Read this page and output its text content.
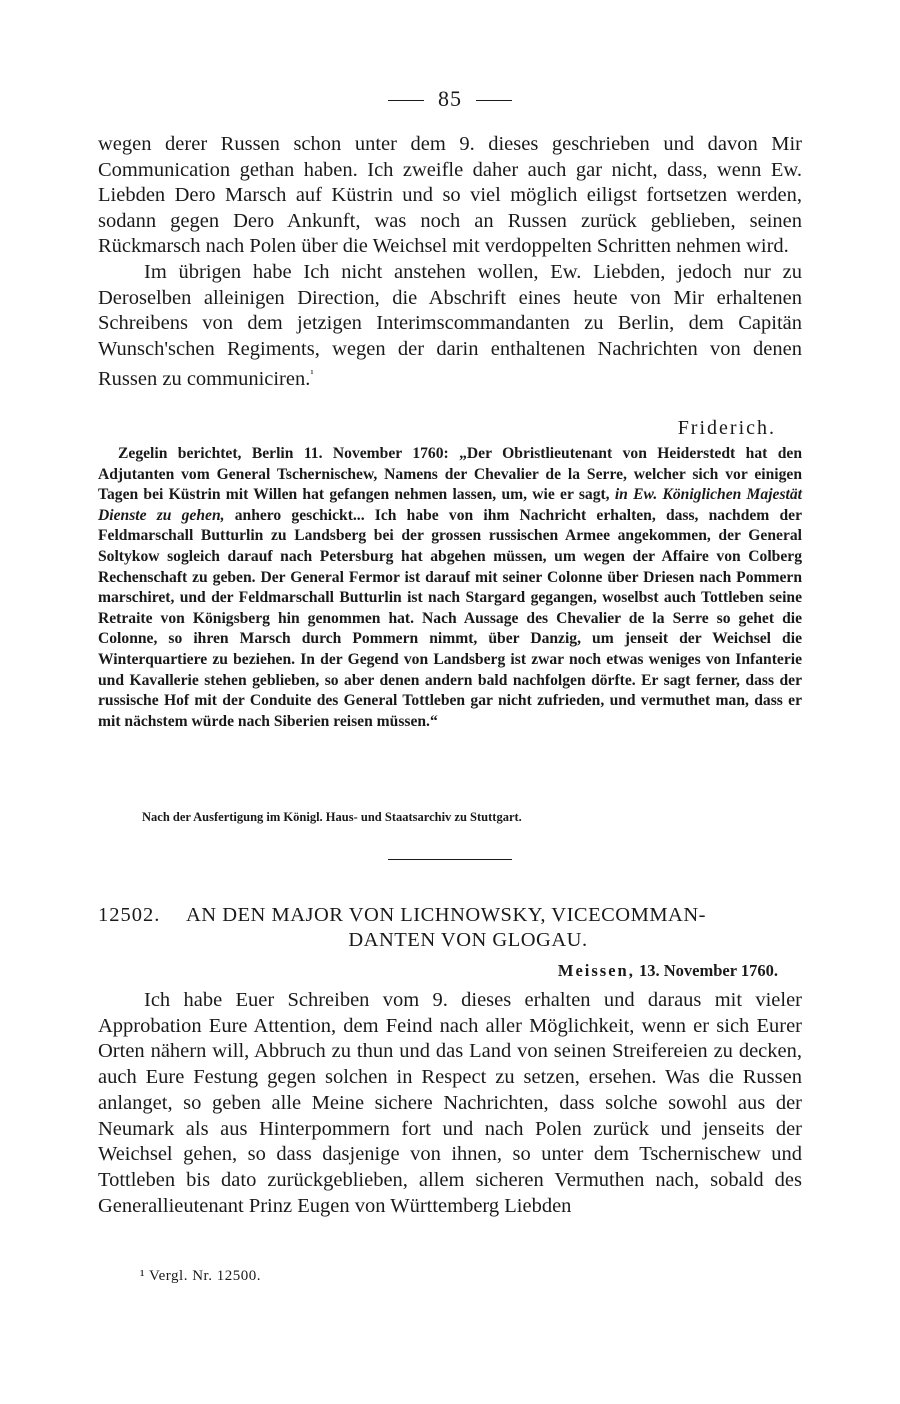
85

wegen derer Russen schon unter dem 9. dieses geschrieben und davon Mir Communication gethan haben. Ich zweifle daher auch gar nicht, dass, wenn Ew. Liebden Dero Marsch auf Küstrin und so viel möglich eiligst fortsetzen werden, sodann gegen Dero Ankunft, was noch an Russen zurück geblieben, seinen Rückmarsch nach Polen über die Weichsel mit verdoppelten Schritten nehmen wird.

Im übrigen habe Ich nicht anstehen wollen, Ew. Liebden, jedoch nur zu Deroselben alleinigen Direction, die Abschrift eines heute von Mir erhaltenen Schreibens von dem jetzigen Interimscommandanten zu Berlin, dem Capitän Wunsch'schen Regiments, wegen der darin enthaltenen Nachrichten von denen Russen zu communiciren.$^{^1}$

Friderich.

Zegelin berichtet, Berlin 11. November 1760: „Der Obristlieutenant von Heiderstedt hat den Adjutanten vom General Tschernischew, Namens der Chevalier de la Serre, welcher sich vor einigen Tagen bei Küstrin mit Willen hat gefangen nehmen lassen, um, wie er sagt, in Ew. Königlichen Majestät Dienste zu gehen, anhero geschickt... Ich habe von ihm Nachricht erhalten, dass, nachdem der Feldmarschall Butturlin zu Landsberg bei der grossen russischen Armee angekommen, der General Soltykow sogleich darauf nach Petersburg hat abgehen müssen, um wegen der Affaire von Colberg Rechenschaft zu geben. Der General Fermor ist darauf mit seiner Colonne über Driesen nach Pommern marschiret, und der Feldmarschall Butturlin ist nach Stargard gegangen, woselbst auch Tottleben seine Retraite von Königsberg hin genommen hat. Nach Aussage des Chevalier de la Serre so gehet die Colonne, so ihren Marsch durch Pommern nimmt, über Danzig, um jenseit der Weichsel die Winterquartiere zu beziehen. In der Gegend von Landsberg ist zwar noch etwas weniges von Infanterie und Kavallerie stehen geblieben, so aber denen andern bald nachfolgen dörfte. Er sagt ferner, dass der russische Hof mit der Conduite des General Tottleben gar nicht zufrieden, und vermuthet man, dass er mit nächstem würde nach Siberien reisen müssen.“

Nach der Ausfertigung im Königl. Haus- und Staatsarchiv zu Stuttgart.
12502. AN DEN MAJOR VON LICHNOWSKY, VICECOMMAN-
DANTEN VON GLOGAU.
Meissen, 13. November 1760.

Ich habe Euer Schreiben vom 9. dieses erhalten und daraus mit vieler Approbation Eure Attention, dem Feind nach aller Möglichkeit, wenn er sich Eurer Orten nähern will, Abbruch zu thun und das Land von seinen Streifereien zu decken, auch Eure Festung gegen solchen in Respect zu setzen, ersehen. Was die Russen anlanget, so geben alle Meine sichere Nachrichten, dass solche sowohl aus der Neumark als aus Hinterpommern fort und nach Polen zurück und jenseits der Weichsel gehen, so dass dasjenige von ihnen, so unter dem Tschernischew und Tottleben bis dato zurückgeblieben, allem sicheren Vermuthen nach, sobald des Generallieutenant Prinz Eugen von Württemberg Liebden

¹ Vergl. Nr. 12500.
